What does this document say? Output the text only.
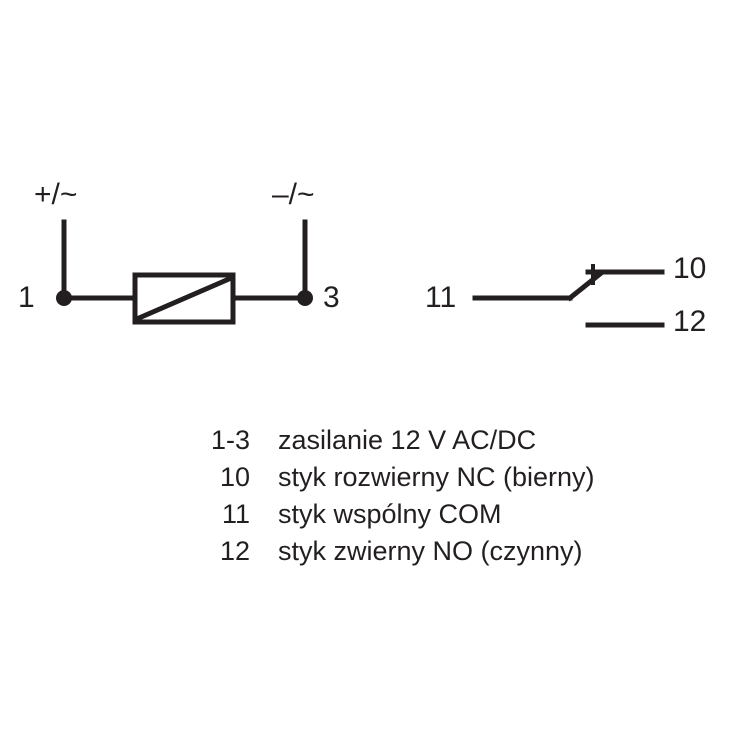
+/~	–/~
1	3	11
10
12
1-3 zasilanie 12 V AC/DC
10 styk rozwierny NC (bierny)
11 styk wspólny COM
12 styk zwierny NO (czynny)
